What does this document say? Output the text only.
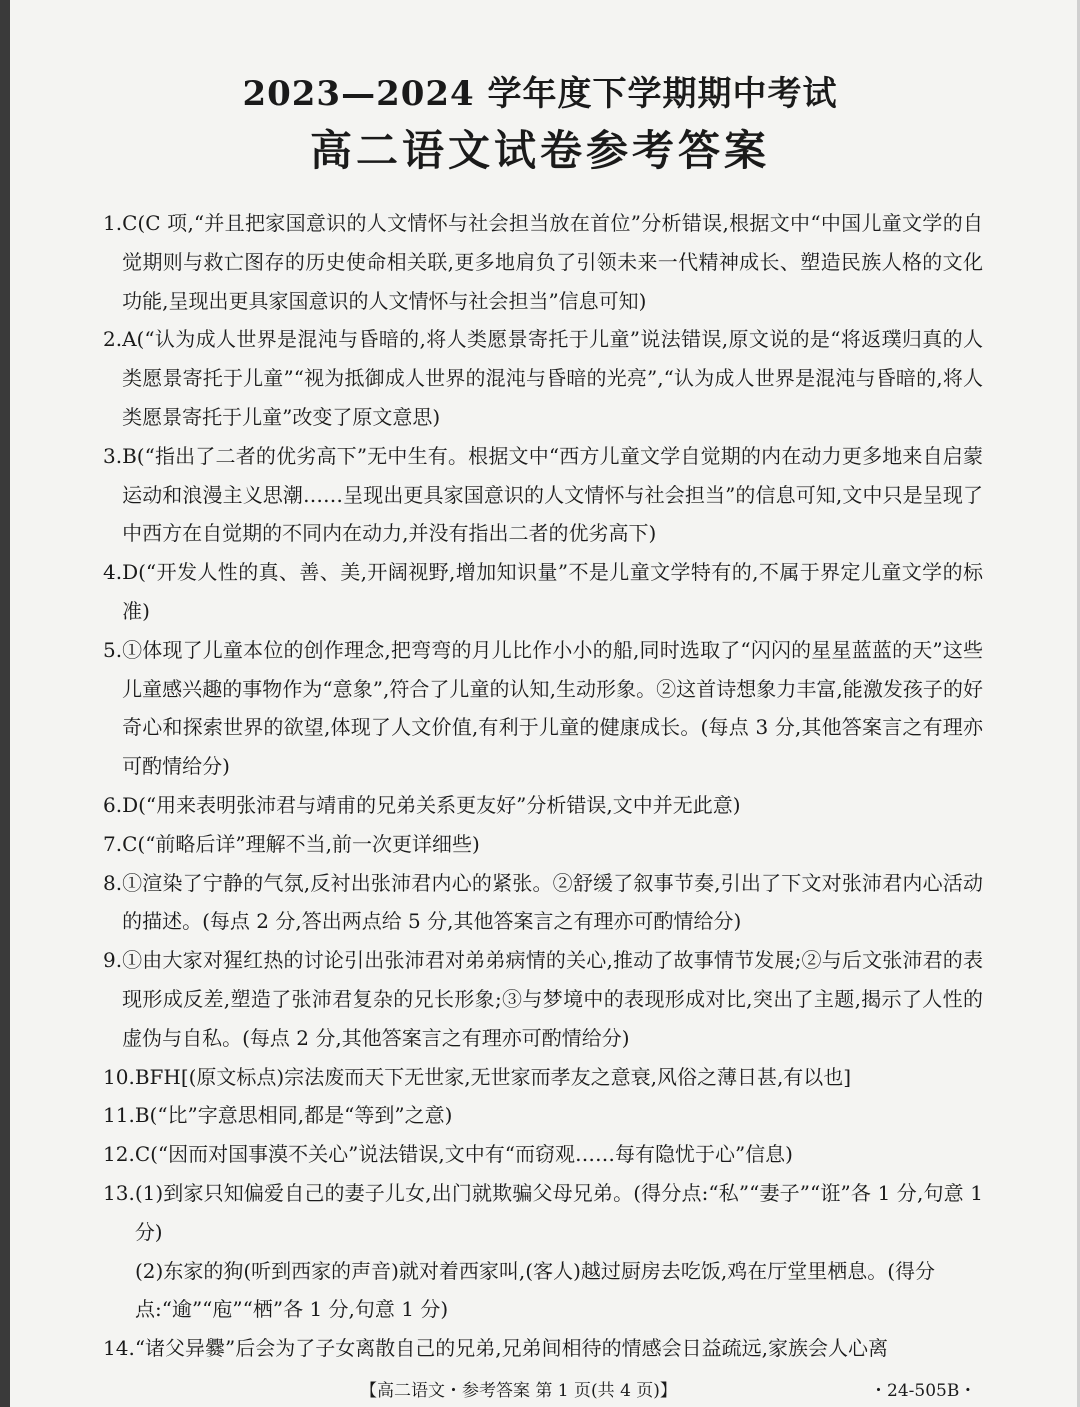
2023—2024 学年度下学期期中考试
高二语文试卷参考答案
1. C(C 项,“并且把家国意识的人文情怀与社会担当放在首位”分析错误,根据文中“中国儿童文学的自觉期则与救亡图存的历史使命相关联,更多地肩负了引领未来一代精神成长、塑造民族人格的文化功能,呈现出更具家国意识的人文情怀与社会担当”信息可知)
2. A(“认为成人世界是混沌与昏暗的,将人类愿景寄托于儿童”说法错误,原文说的是“将返璞归真的人类愿景寄托于儿童”“视为抵御成人世界的混沌与昏暗的光亮”,“认为成人世界是混沌与昏暗的,将人类愿景寄托于儿童”改变了原文意思)
3. B(“指出了二者的优劣高下”无中生有。根据文中“西方儿童文学自觉期的内在动力更多地来自启蒙运动和浪漫主义思潮……呈现出更具家国意识的人文情怀与社会担当”的信息可知,文中只是呈现了中西方在自觉期的不同内在动力,并没有指出二者的优劣高下)
4. D(“开发人性的真、善、美,开阔视野,增加知识量”不是儿童文学特有的,不属于界定儿童文学的标准)
5. ①体现了儿童本位的创作理念,把弯弯的月儿比作小小的船,同时选取了“闪闪的星星蓝蓝的天”这些儿童感兴趣的事物作为“意象”,符合了儿童的认知,生动形象。②这首诗想象力丰富,能激发孩子的好奇心和探索世界的欲望,体现了人文价值,有利于儿童的健康成长。(每点 3 分,其他答案言之有理亦可酌情给分)
6. D(“用来表明张沛君与靖甫的兄弟关系更友好”分析错误,文中并无此意)
7. C(“前略后详”理解不当,前一次更详细些)
8. ①渲染了宁静的气氛,反衬出张沛君内心的紧张。②舒缓了叙事节奏,引出了下文对张沛君内心活动的描述。(每点 2 分,答出两点给 5 分,其他答案言之有理亦可酌情给分)
9. ①由大家对猩红热的讨论引出张沛君对弟弟病情的关心,推动了故事情节发展;②与后文张沛君的表现形成反差,塑造了张沛君复杂的兄长形象;③与梦境中的表现形成对比,突出了主题,揭示了人性的虚伪与自私。(每点 2 分,其他答案言之有理亦可酌情给分)
10. BFH[(原文标点)宗法废而天下无世家,无世家而孝友之意衰,风俗之薄日甚,有以也]
11. B(“比”字意思相同,都是“等到”之意)
12. C(“因而对国事漠不关心”说法错误,文中有“而窃观……每有隐忧于心”信息)
13. (1)到家只知偏爱自己的妻子儿女,出门就欺骗父母兄弟。(得分点:“私”“妻子”“诳”各 1 分,句意 1 分)
(2)东家的狗(听到西家的声音)就对着西家叫,(客人)越过厨房去吃饭,鸡在厅堂里栖息。(得分点:“逾”“庖”“栖”各 1 分,句意 1 分)
14. “诸父异爨”后会为了子女离散自己的兄弟,兄弟间相待的情感会日益疏远,家族会人心离
【高二语文・参考答案 第 1 页(共 4 页)】	・24-505B・
